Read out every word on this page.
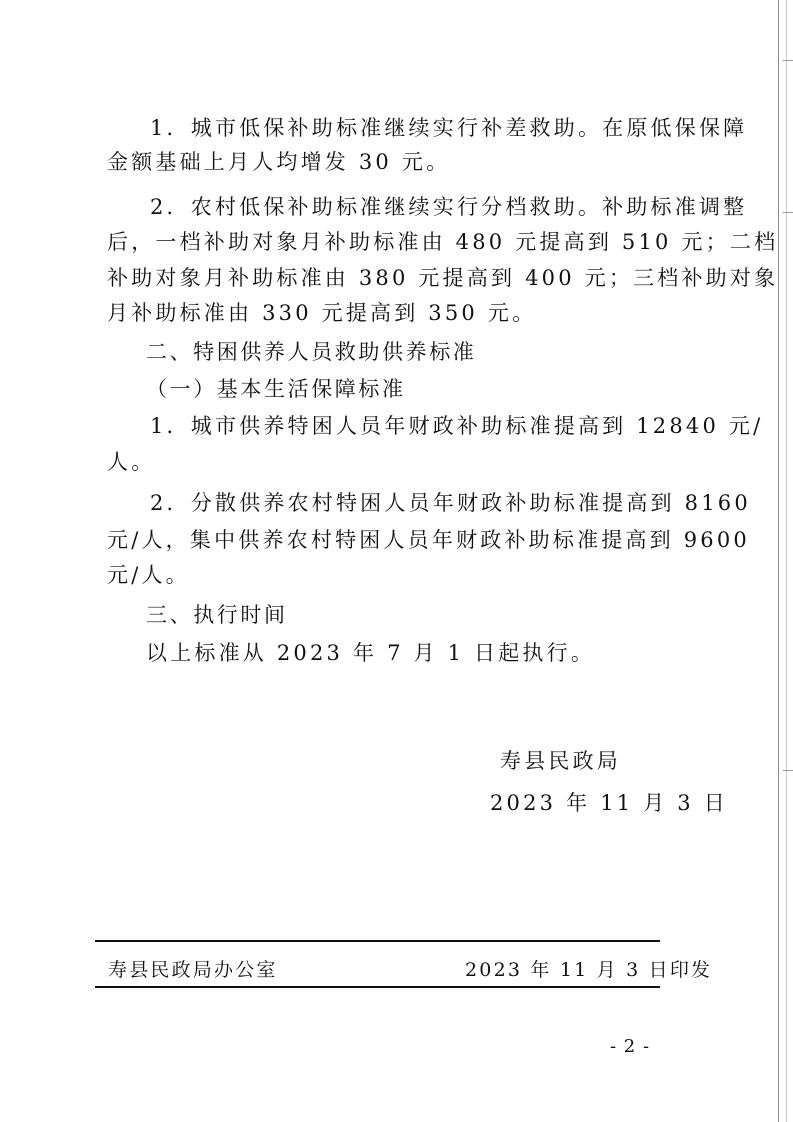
1．城市低保补助标准继续实行补差救助。在原低保保障
金额基础上月人均增发 30 元。
2．农村低保补助标准继续实行分档救助。补助标准调整
后，一档补助对象月补助标准由 480 元提高到 510 元；二档
补助对象月补助标准由 380 元提高到 400 元；三档补助对象
月补助标准由 330 元提高到 350 元。
二、特困供养人员救助供养标准
（一）基本生活保障标准
1．城市供养特困人员年财政补助标准提高到 12840 元/
人。
2．分散供养农村特困人员年财政补助标准提高到 8160
元/人，集中供养农村特困人员年财政补助标准提高到 9600
元/人。
三、执行时间
以上标准从 2023 年 7 月 1 日起执行。
寿县民政局
2023 年 11 月 3 日
寿县民政局办公室	2023 年 11 月 3 日印发
- 2 -
